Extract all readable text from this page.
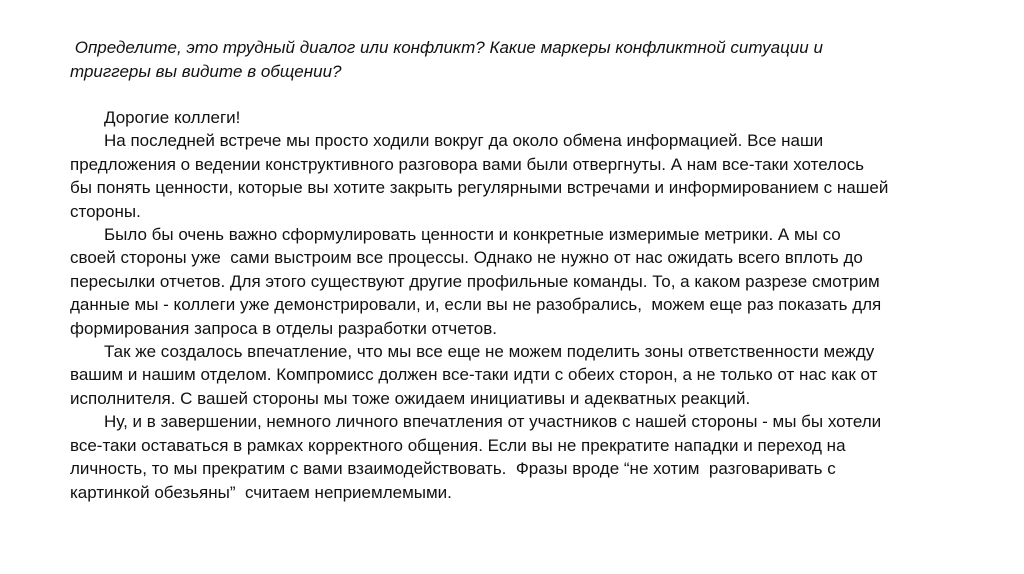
Определите, это трудный диалог или конфликт? Какие маркеры конфликтной ситуации и
триггеры вы видите в общении?

Дорогие коллеги!
На последней встрече мы просто ходили вокруг да около обмена информацией. Все наши
предложения о ведении конструктивного разговора вами были отвергнуты. А нам все-таки хотелось
бы понять ценности, которые вы хотите закрыть регулярными встречами и информированием с нашей
стороны.
Было бы очень важно сформулировать ценности и конкретные измеримые метрики. А мы со
своей стороны уже  сами выстроим все процессы. Однако не нужно от нас ожидать всего вплоть до
пересылки отчетов. Для этого существуют другие профильные команды. То, а каком разрезе смотрим
данные мы - коллеги уже демонстрировали, и, если вы не разобрались,  можем еще раз показать для
формирования запроса в отделы разработки отчетов.
Так же создалось впечатление, что мы все еще не можем поделить зоны ответственности между
вашим и нашим отделом. Компромисс должен все-таки идти с обеих сторон, а не только от нас как от
исполнителя. С вашей стороны мы тоже ожидаем инициативы и адекватных реакций.
Ну, и в завершении, немного личного впечатления от участников с нашей стороны - мы бы хотели
все-таки оставаться в рамках корректного общения. Если вы не прекратите нападки и переход на
личность, то мы прекратим с вами взаимодействовать.  Фразы вроде “не хотим  разговаривать с
картинкой обезьяны”  считаем неприемлемыми.
